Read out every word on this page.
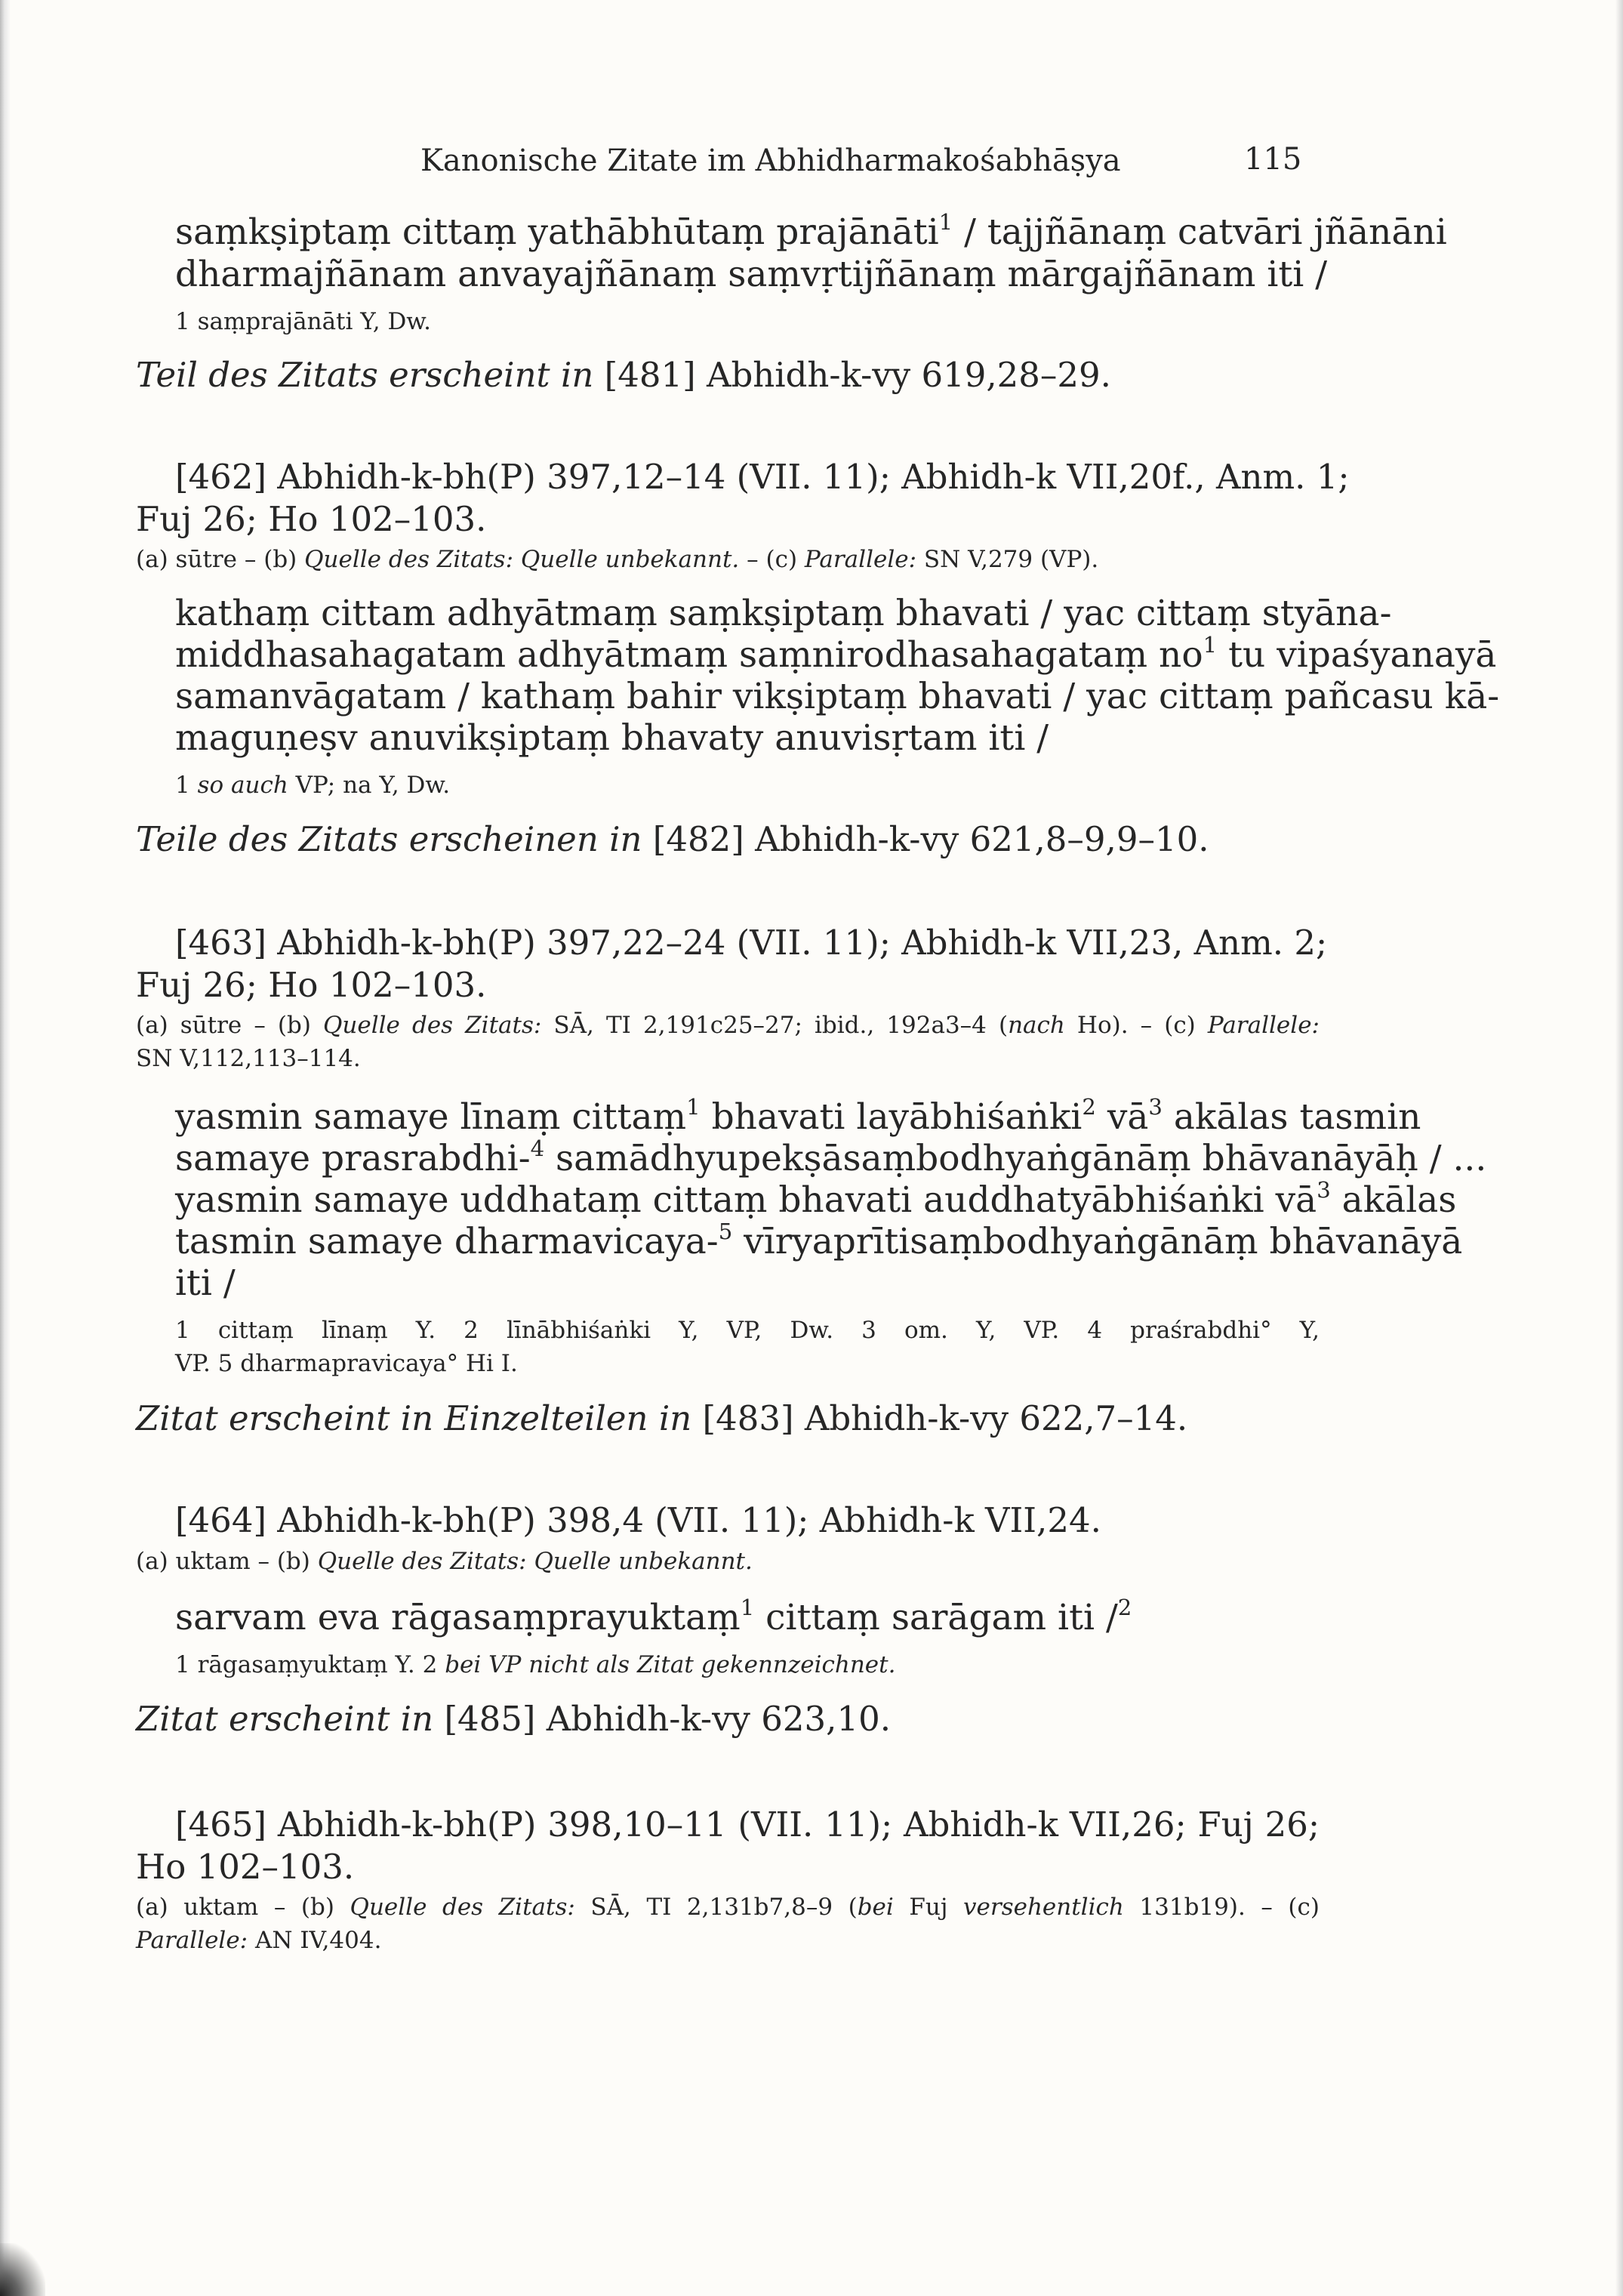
Kanonische Zitate im Abhidharmakośabhāṣya	115
saṃkṣiptaṃ cittaṃ yathābhūtaṃ prajānāti$^1$ / tajjñānaṃ catvāri jñānāni
dharmajñānam anvayajñānaṃ saṃvṛtijñānaṃ mārgajñānam iti /
1 saṃprajānāti Y, Dw.
Teil des Zitats erscheint in [481] Abhidh-k-vy 619,28–29.
[462] Abhidh-k-bh(P) 397,12–14 (VII. 11); Abhidh-k VII,20f., Anm. 1;
Fuj 26; Ho 102–103.
(a) sūtre – (b) Quelle des Zitats: Quelle unbekannt. – (c) Parallele: SN V,279 (VP).
kathaṃ cittam adhyātmaṃ saṃkṣiptaṃ bhavati / yac cittaṃ styāna-
middhasahagatam adhyātmaṃ saṃnirodhasahagataṃ $no^1$ tu vipaśyanayā
samanvāgatam / kathaṃ bahir vikṣiptaṃ bhavati / yac cittaṃ pañcasu kā-
maguṇeṣv anuvikṣiptaṃ bhavaty anuvisṛtam iti /
1 so auch VP; na Y, Dw.
Teile des Zitats erscheinen in [482] Abhidh-k-vy 621,8–9,9–10.
[463] Abhidh-k-bh(P) 397,22–24 (VII. 11); Abhidh-k VII,23, Anm. 2;
Fuj 26; Ho 102–103.
(a) sūtre – (b) Quelle des Zitats: SĀ, TI 2,191c25–27; ibid., 192a3–4 (nach Ho). – (c) Parallele:
SN V,112,113–114.
yasmin samaye līnaṃ cittaṃ$^1$ bhavati layābhiśaṅki$^2$ $vā^3$ akālas tasmin
samaye prasrabdhi-$^4$ samādhyupekṣāsaṃbodhyaṅgānāṃ bhāvanāyāḥ / ...
yasmin samaye uddhataṃ cittaṃ bhavati auddhatyābhiśaṅki $vā^3$ akālas
tasmin samaye dharmavicaya-$^5$ vīryaprītisaṃbodhyaṅgānāṃ bhāvanāyā
iti /
1 cittaṃ līnaṃ Y. 2 līnābhiśaṅki Y, VP, Dw. 3 om. Y, VP. 4 praśrabdhi° Y,
VP. 5 dharmapravicaya° Hi I.
Zitat erscheint in Einzelteilen in [483] Abhidh-k-vy 622,7–14.
[464] Abhidh-k-bh(P) 398,4 (VII. 11); Abhidh-k VII,24.
(a) uktam – (b) Quelle des Zitats: Quelle unbekannt.
sarvam eva rāgasaṃprayuktaṃ$^1$ cittaṃ sarāgam iti /$^2$
1 rāgasaṃyuktaṃ Y. 2 bei VP nicht als Zitat gekennzeichnet.
Zitat erscheint in [485] Abhidh-k-vy 623,10.
[465] Abhidh-k-bh(P) 398,10–11 (VII. 11); Abhidh-k VII,26; Fuj 26;
Ho 102–103.
(a) uktam – (b) Quelle des Zitats: SĀ, TI 2,131b7,8–9 (bei Fuj versehentlich 131b19). – (c)
Parallele: AN IV,404.
